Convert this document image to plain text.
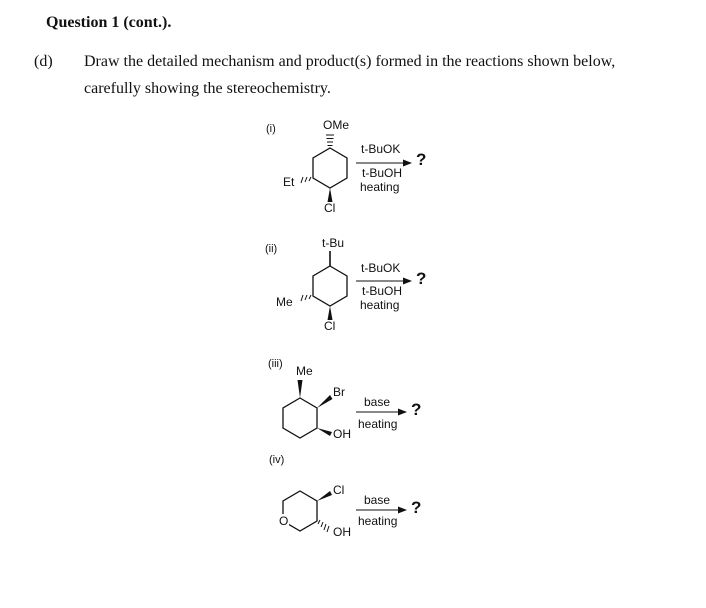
Question 1 (cont.).
(d) Draw the detailed mechanism and product(s) formed in the reactions shown below,
carefully showing the stereochemistry.
(i)	OMe
Et
Cl
t-BuOK
t-BuOH
heating
?
(ii)	t-Bu
Me
Cl
t-BuOK
t-BuOH
heating
?
(iii) Me
Br
OH
base
heating
?
(iv)
O
Cl
OH
base
heating
?
